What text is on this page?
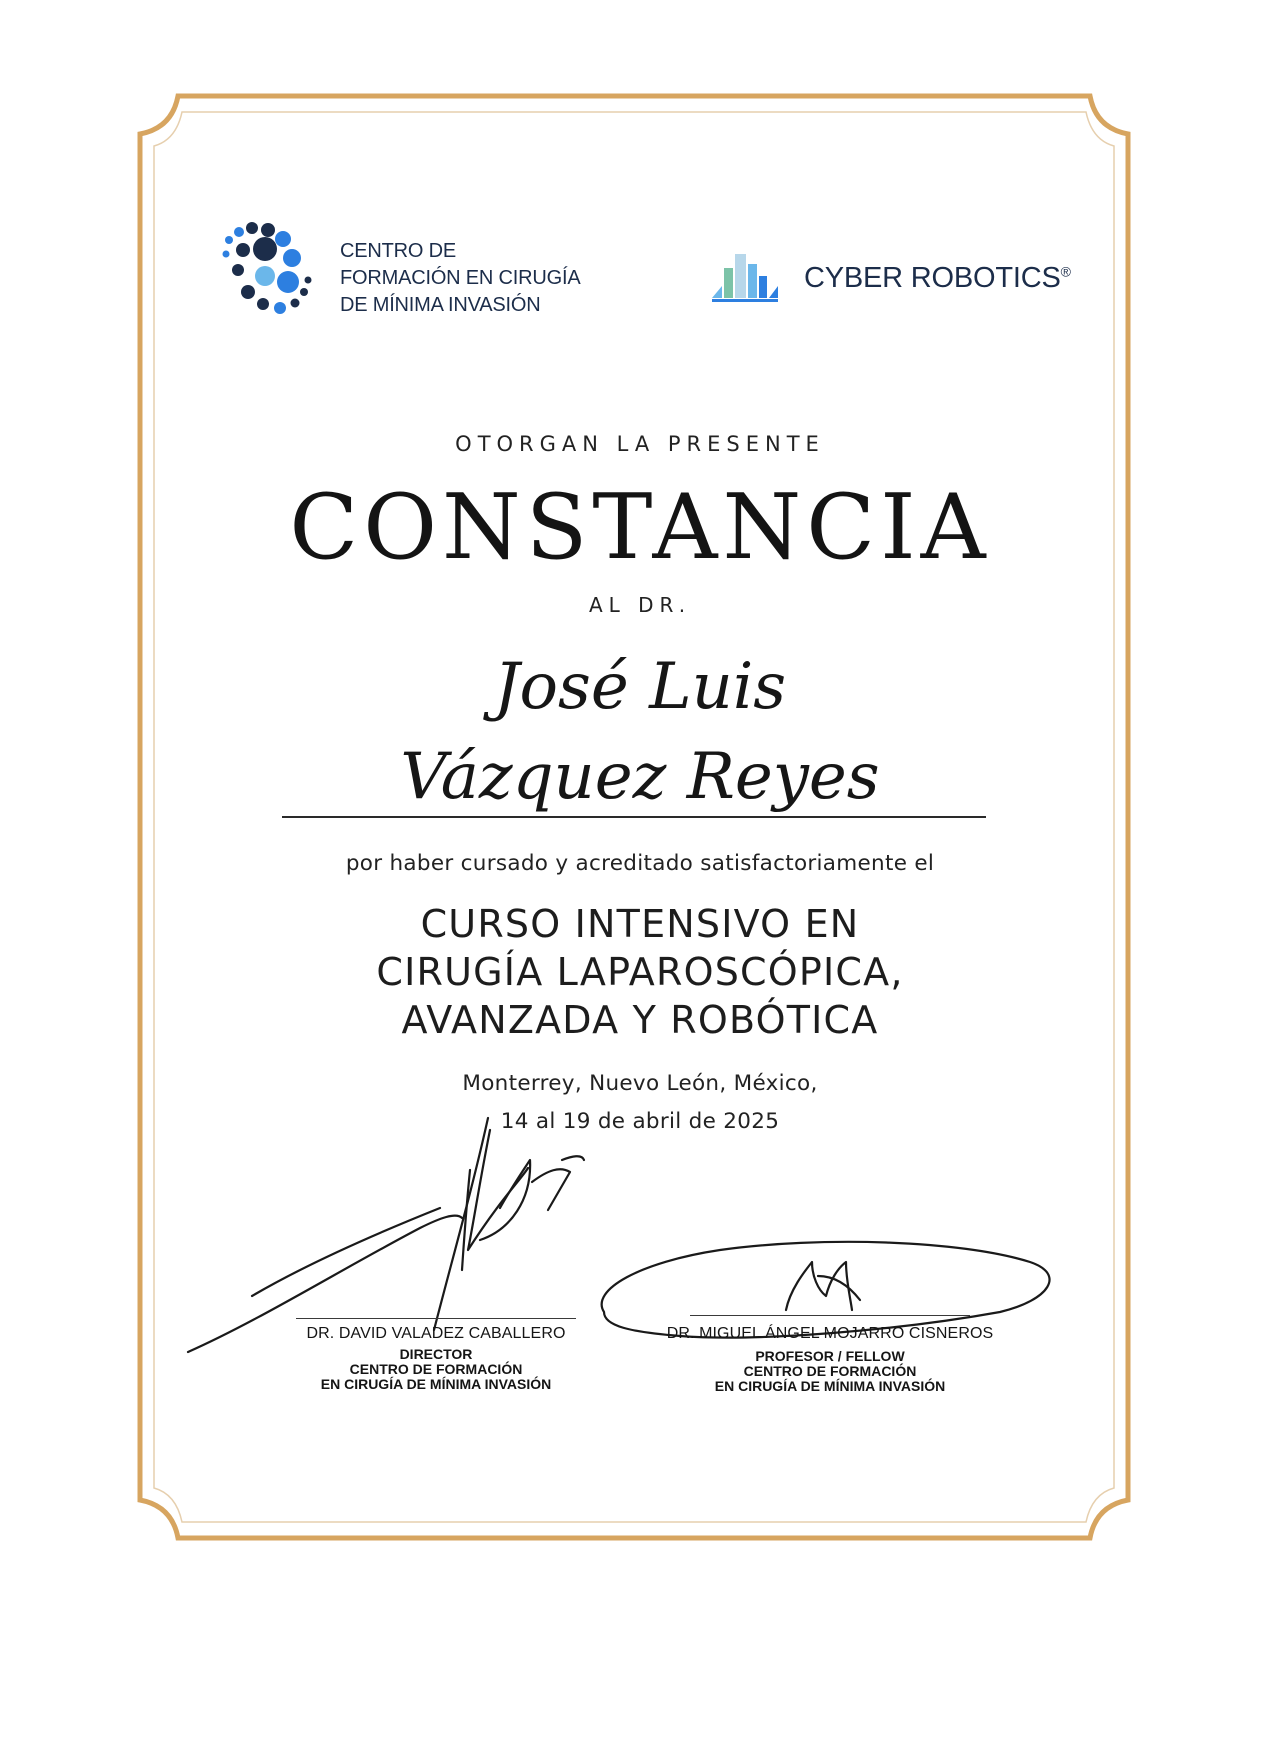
CENTRO DE
FORMACIÓN EN CIRUGÍA
DE MÍNIMA INVASIÓN
CYBER ROBOTICS®
OTORGAN LA PRESENTE
CONSTANCIA
AL DR.
José Luis
Vázquez Reyes
por haber cursado y acreditado satisfactoriamente el
CURSO INTENSIVO EN
CIRUGÍA LAPAROSCÓPICA,
AVANZADA Y ROBÓTICA
Monterrey, Nuevo León, México,
14 al 19 de abril de 2025
DR. DAVID VALADEZ CABALLERO
DIRECTOR
CENTRO DE FORMACIÓN
EN CIRUGÍA DE MÍNIMA INVASIÓN
DR. MIGUEL ÁNGEL MOJARRO CISNEROS
PROFESOR / FELLOW
CENTRO DE FORMACIÓN
EN CIRUGÍA DE MÍNIMA INVASIÓN
